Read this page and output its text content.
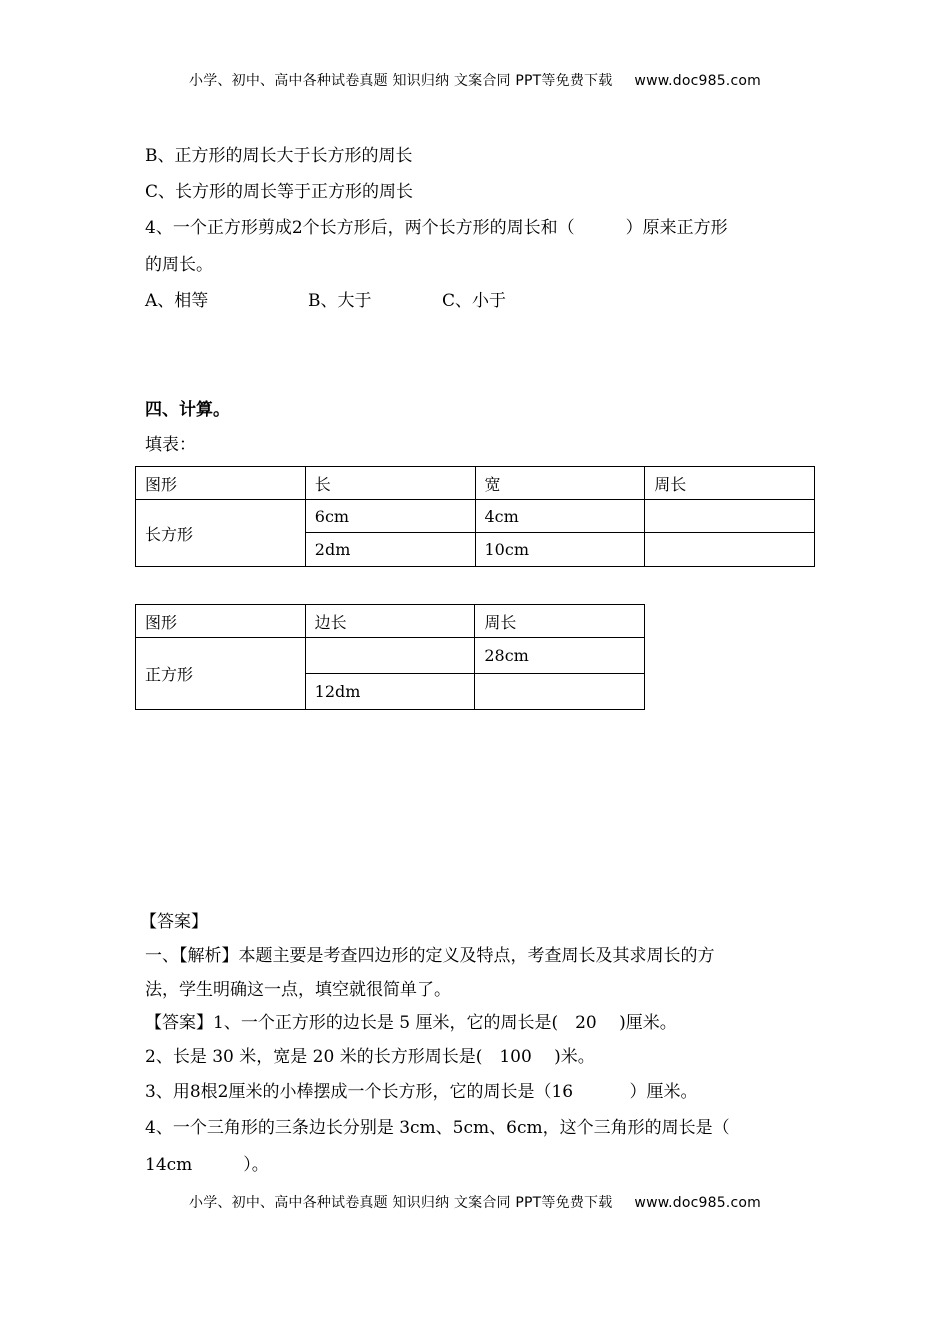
小学、初中、高中各种试卷真题 知识归纳 文案合同 PPT等免费下载 www.doc985.com
B、正方形的周长大于长方形的周长
C、长方形的周长等于正方形的周长
4、一个正方形剪成2个长方形后，两个长方形的周长和（　　　）原来正方形
的周长。
A、相等	B、大于	C、小于
四、计算。
填表：
图形	长	宽	周长
长方形	6cm	4cm	
	2dm	10cm	
图形	边长	周长
正方形		28cm
	12dm	
【答案】
一、【解析】本题主要是考查四边形的定义及特点，考查周长及其求周长的方
法，学生明确这一点，填空就很简单了。
【答案】1、一个正方形的边长是 5 厘米，它的周长是(　20　 )厘米。
2、长是 30 米，宽是 20 米的长方形周长是(　100　 )米。
3、用8根2厘米的小棒摆成一个长方形，它的周长是（16　　　 ）厘米。
4、一个三角形的三条边长分别是 3cm、5cm、6cm，这个三角形的周长是（
14cm　　　）。
小学、初中、高中各种试卷真题 知识归纳 文案合同 PPT等免费下载 www.doc985.com
